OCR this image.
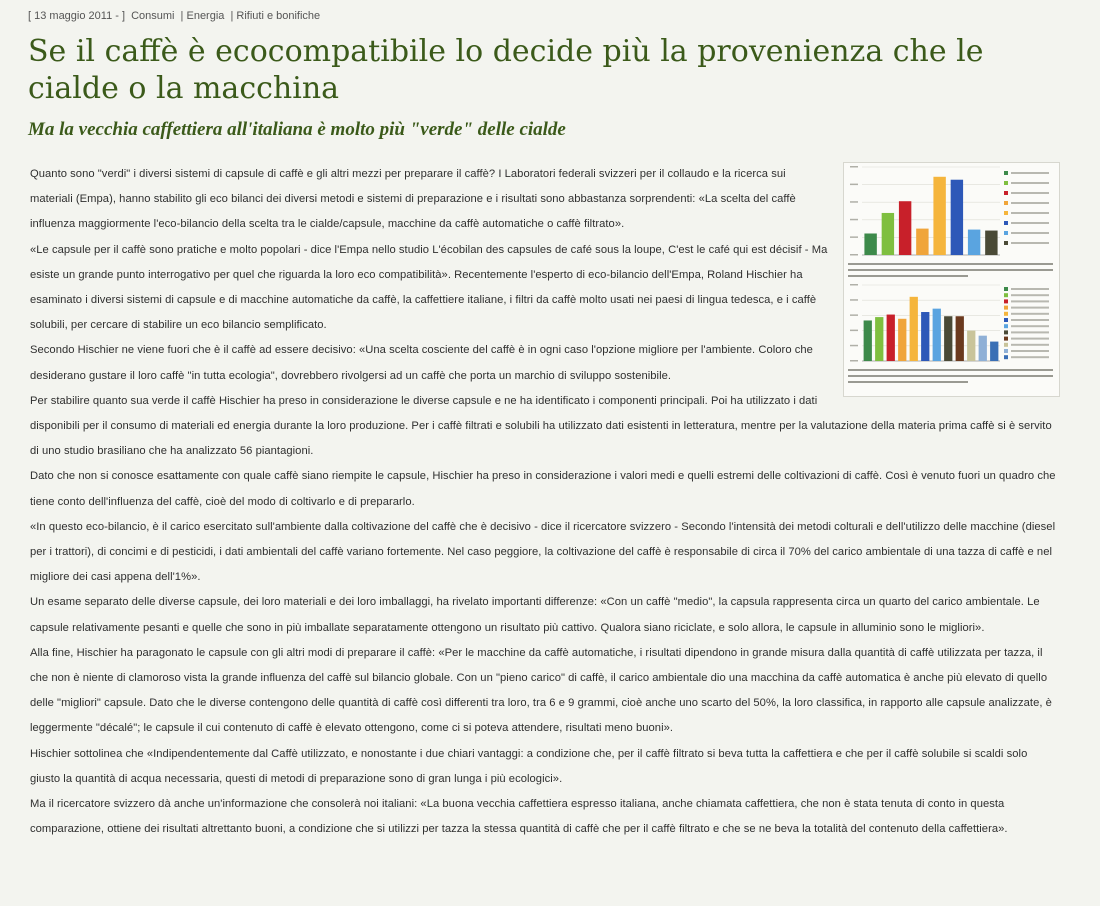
[ 13 maggio 2011 - ] Consumi | Energia | Rifiuti e bonifiche
Se il caffè è ecocompatibile lo decide più la provenienza che le cialde o la macchina
Ma la vecchia caffettiera all'italiana è molto più "verde" delle cialde

Quanto sono "verdi" i diversi sistemi di capsule di caffè e gli altri mezzi per preparare il caffè? I Laboratori federali svizzeri per il collaudo e la ricerca sui materiali (Empa), hanno stabilito gli eco bilanci dei diversi metodi e sistemi di preparazione e i risultati sono abbastanza sorprendenti: «La scelta del caffè influenza maggiormente l'eco-bilancio della scelta tra le cialde/capsule, macchine da caffè automatiche o caffè filtrato».

«Le capsule per il caffè sono pratiche e molto popolari - dice l'Empa nello studio L'écobilan des capsules de café sous la loupe, C'est le café qui est décisif - Ma esiste un grande punto interrogativo per quel che riguarda la loro eco compatibilità». Recentemente l'esperto di eco-bilancio dell'Empa, Roland Hischier ha esaminato i diversi sistemi di capsule e di macchine automatiche da caffè, la caffettiere italiane, i filtri da caffè molto usati nei paesi di lingua tedesca, e i caffè solubili, per cercare di stabilire un eco bilancio semplificato.

Secondo Hischier ne viene fuori che è il caffè ad essere decisivo: «Una scelta cosciente del caffè è in ogni caso l'opzione migliore per l'ambiente. Coloro che desiderano gustare il loro caffè "in tutta ecologia", dovrebbero rivolgersi ad un caffè che porta un marchio di sviluppo sostenibile.

Per stabilire quanto sua verde il caffè Hischier ha preso in considerazione le diverse capsule e ne ha identificato i componenti principali. Poi ha utilizzato i dati disponibili per il consumo di materiali ed energia durante la loro produzione. Per i caffè filtrati e solubili ha utilizzato dati esistenti in letteratura, mentre per la valutazione della materia prima caffè si è servito di uno studio brasiliano che ha analizzato 56 piantagioni.

Dato che non si conosce esattamente con quale caffè siano riempite le capsule, Hischier ha preso in considerazione i valori medi e quelli estremi delle coltivazioni di caffè. Così è venuto fuori un quadro che tiene conto dell'influenza del caffè, cioè del modo di coltivarlo e di prepararlo.

«In questo eco-bilancio, è il carico esercitato sull'ambiente dalla coltivazione del caffè che è decisivo - dice il ricercatore svizzero - Secondo l'intensità dei metodi colturali e dell'utilizzo delle macchine (diesel per i trattori), di concimi e di pesticidi, i dati ambientali del caffè variano fortemente. Nel caso peggiore, la coltivazione del caffè è responsabile di circa il 70% del carico ambientale di una tazza di caffè e nel migliore dei casi appena dell'1%».

Un esame separato delle diverse capsule, dei loro materiali e dei loro imballaggi, ha rivelato importanti differenze: «Con un caffè "medio", la capsula rappresenta circa un quarto del carico ambientale. Le capsule relativamente pesanti e quelle che sono in più imballate separatamente ottengono un risultato più cattivo. Qualora siano riciclate, e solo allora, le capsule in alluminio sono le migliori».

Alla fine, Hischier ha paragonato le capsule con gli altri modi di preparare il caffè: «Per le macchine da caffè automatiche, i risultati dipendono in grande misura dalla quantità di caffè utilizzata per tazza, il che non è niente di clamoroso vista la grande influenza del caffè sul bilancio globale. Con un "pieno carico" di caffè, il carico ambientale dio una macchina da caffè automatica è anche più elevato di quello delle "migliori" capsule. Dato che le diverse contengono delle quantità di caffè così differenti tra loro, tra 6 e 9 grammi, cioè anche uno scarto del 50%, la loro classifica, in rapporto alle capsule analizzate, è leggermente "décalé"; le capsule il cui contenuto di caffè è elevato ottengono, come ci si poteva attendere, risultati meno buoni».

Hischier sottolinea che «Indipendentemente dal Caffè utilizzato, e nonostante i due chiari vantaggi: a condizione che, per il caffè filtrato si beva tutta la caffettiera e che per il caffè solubile si scaldi solo giusto la quantità di acqua necessaria, questi di metodi di preparazione sono di gran lunga i più ecologici».

Ma il ricercatore svizzero dà anche un'informazione che consolerà noi italiani: «La buona vecchia caffettiera espresso italiana, anche chiamata caffettiera, che non è stata tenuta di conto in questa comparazione, ottiene dei risultati altrettanto buoni, a condizione che si utilizzi per tazza la stessa quantità di caffè che per il caffè filtrato e che se ne beva la totalità del contenuto della caffettiera».
